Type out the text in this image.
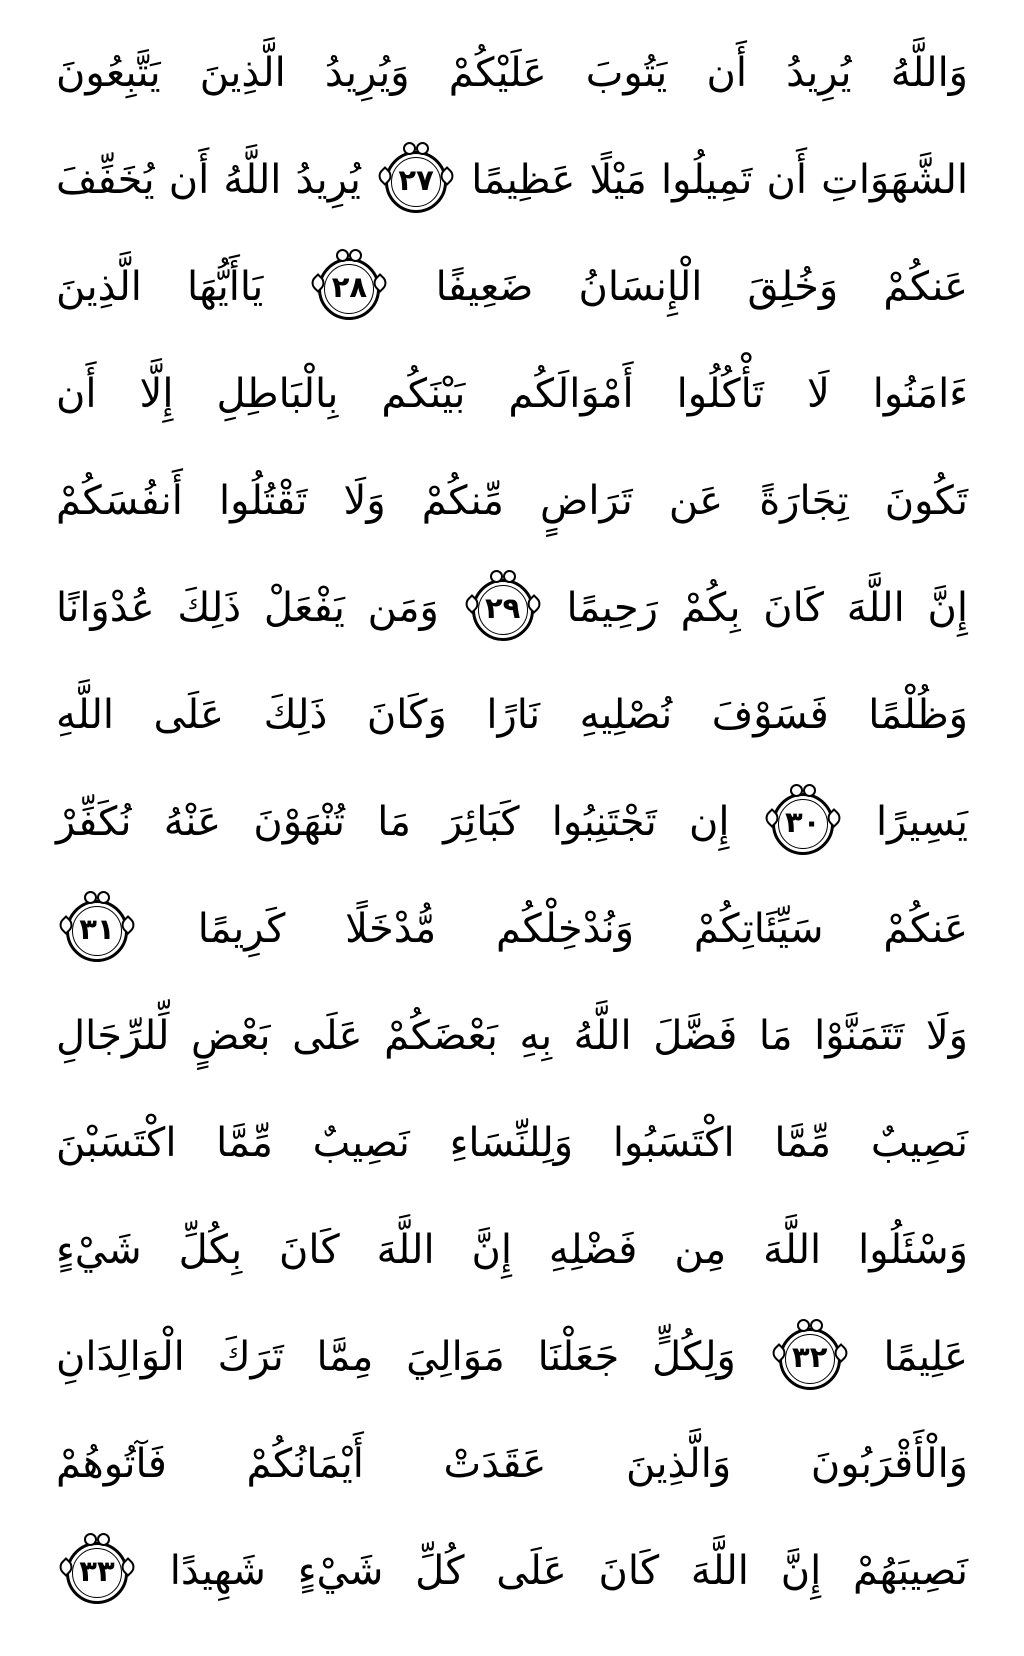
وَاللَّهُ يُرِيدُ أَن يَتُوبَ عَلَيْكُمْ وَيُرِيدُ الَّذِينَ يَتَّبِعُونَ
الشَّهَوَاتِ أَن تَمِيلُوا مَيْلًا عَظِيمًا
٢٧
يُرِيدُ اللَّهُ أَن يُخَفِّفَ
عَنكُمْ وَخُلِقَ الْإِنسَانُ ضَعِيفًا
٢٨
يَاأَيُّهَا الَّذِينَ
ءَامَنُوا لَا تَأْكُلُوا أَمْوَالَكُم بَيْنَكُم بِالْبَاطِلِ إِلَّا أَن
تَكُونَ تِجَارَةً عَن تَرَاضٍ مِّنكُمْ وَلَا تَقْتُلُوا أَنفُسَكُمْ
إِنَّ اللَّهَ كَانَ بِكُمْ رَحِيمًا
٢٩
وَمَن يَفْعَلْ ذَلِكَ عُدْوَانًا
وَظُلْمًا فَسَوْفَ نُصْلِيهِ نَارًا وَكَانَ ذَلِكَ عَلَى اللَّهِ
يَسِيرًا
٣٠
إِن تَجْتَنِبُوا كَبَائِرَ مَا تُنْهَوْنَ عَنْهُ نُكَفِّرْ
عَنكُمْ سَيِّئَاتِكُمْ وَنُدْخِلْكُم مُّدْخَلًا كَرِيمًا
٣١
وَلَا تَتَمَنَّوْا مَا فَضَّلَ اللَّهُ بِهِ بَعْضَكُمْ عَلَى بَعْضٍ لِّلرِّجَالِ
نَصِيبٌ مِّمَّا اكْتَسَبُوا وَلِلنِّسَاءِ نَصِيبٌ مِّمَّا اكْتَسَبْنَ
وَسْئَلُوا اللَّهَ مِن فَضْلِهِ إِنَّ اللَّهَ كَانَ بِكُلِّ شَيْءٍ
عَلِيمًا
٣٢
وَلِكُلٍّ جَعَلْنَا مَوَالِيَ مِمَّا تَرَكَ الْوَالِدَانِ
وَالْأَقْرَبُونَ وَالَّذِينَ عَقَدَتْ أَيْمَانُكُمْ فَآتُوهُمْ
نَصِيبَهُمْ إِنَّ اللَّهَ كَانَ عَلَى كُلِّ شَيْءٍ شَهِيدًا
٣٣
